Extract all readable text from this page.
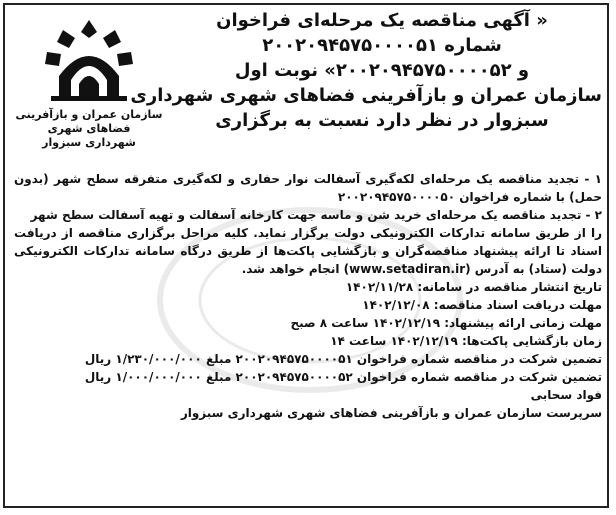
سازمان عمران و بازآفرینی
فضاهای شهری
شهرداری سبزوار
« آگهی مناقصه یک مرحله‌ای فراخوان
شماره ۲۰۰۲۰۹۴۵۷۵۰۰۰۰۵۱
و ۲۰۰۲۰۹۴۵۷۵۰۰۰۰۵۲» نوبت اول
سازمان عمران و بازآفرینی فضاهای شهری شهرداری
سبزوار در نظر دارد نسبت به برگزاری

۱ - تجدید مناقصه یک مرحله‌ای لکه‌گیری آسفالت نوار حفاری و لکه‌گیری متفرقه سطح شهر (بدون حمل) با شماره فراخوان ۲۰۰۲۰۹۴۵۷۵۰۰۰۰۵۰

۲ - تجدید مناقصه یک مرحله‌ای خرید شن و ماسه جهت کارخانه آسفالت و تهیه آسفالت سطح شهر

را از طریق سامانه تدارکات الکترونیکی دولت برگزار نماید. کلیه مراحل برگزاری مناقصه از دریافت اسناد تا ارائه پیشنهاد مناقصه‌گران و بازگشایی پاکت‌ها از طریق درگاه سامانه تدارکات الکترونیکی دولت (ستاد) به آدرس (www.setadiran.ir) انجام خواهد شد.

تاریخ انتشار مناقصه در سامانه: ۱۴۰۲/۱۱/۲۸

مهلت دریافت اسناد مناقصه: ۱۴۰۲/۱۲/۰۸

مهلت زمانی ارائه پیشنهاد: ۱۴۰۲/۱۲/۱۹ ساعت ۸ صبح

زمان بازگشایی پاکت‌ها: ۱۴۰۲/۱۲/۱۹ ساعت ۱۴

تضمین شرکت در مناقصه شماره فراخوان ۲۰۰۲۰۹۴۵۷۵۰۰۰۰۵۱ مبلغ ۱/۲۳۰/۰۰۰/۰۰۰ ریال

تضمین شرکت در مناقصه شماره فراخوان ۲۰۰۲۰۹۴۵۷۵۰۰۰۰۵۲ مبلغ ۱/۰۰۰/۰۰۰/۰۰۰ ریال

فواد سحابی

سرپرست سازمان عمران و بازآفرینی فضاهای شهری شهرداری سبزوار
